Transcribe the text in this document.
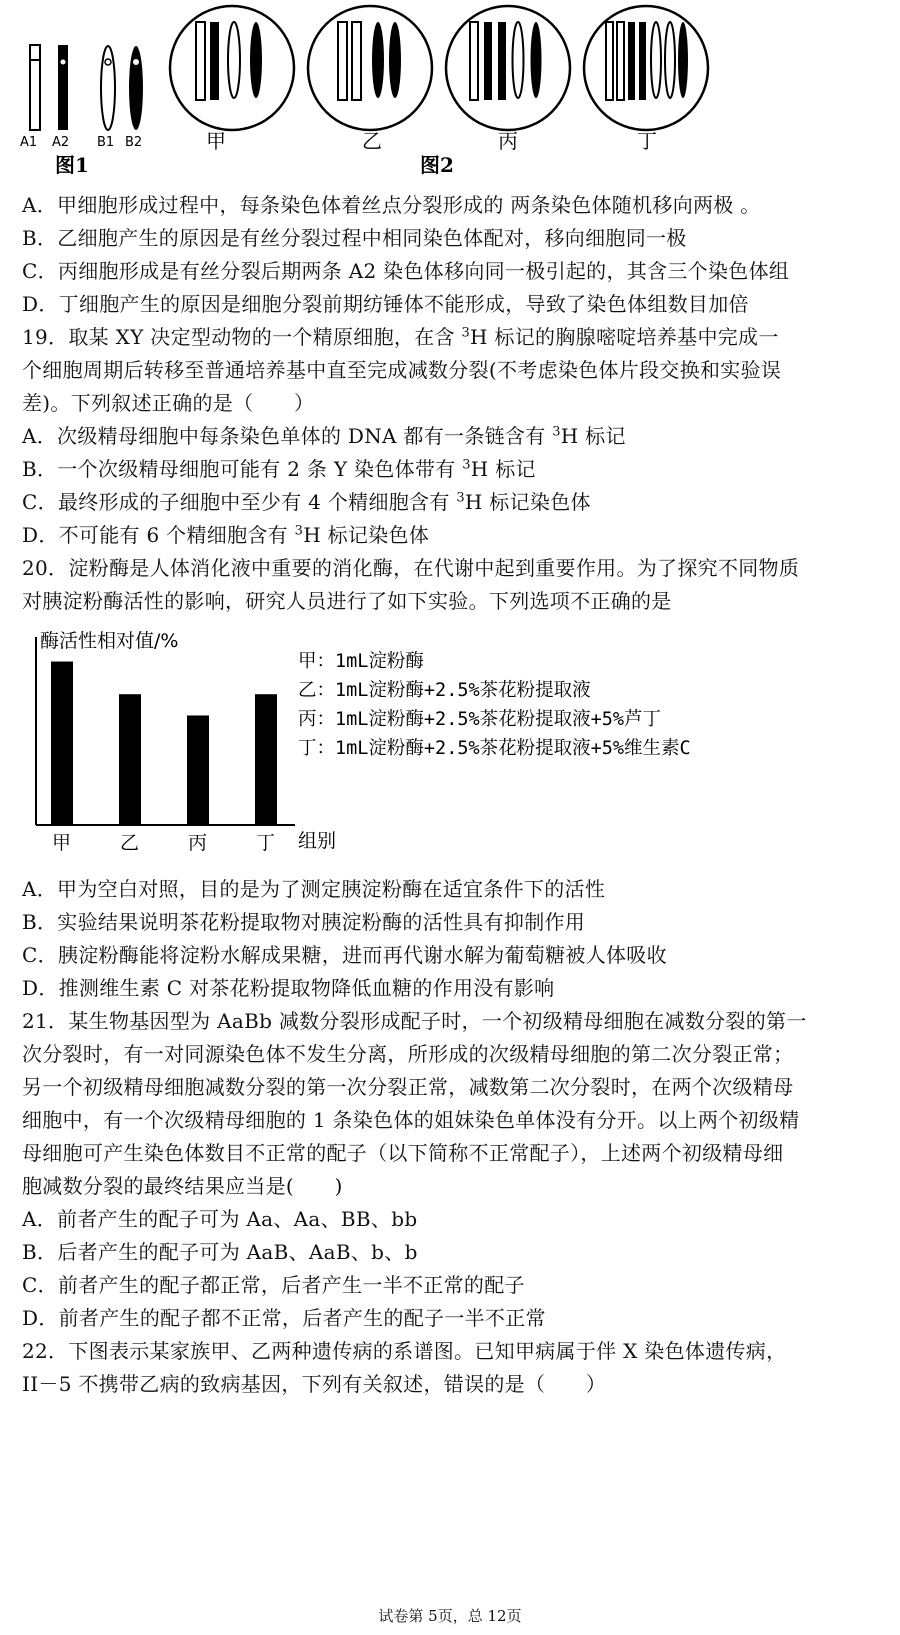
A1 A2 B1 B2
图1
甲	乙	丙	丁
图2
A．甲细胞形成过程中，每条染色体着丝点分裂形成的 两条染色体随机移向两极 。
B．乙细胞产生的原因是有丝分裂过程中相同染色体配对，移向细胞同一极
C．丙细胞形成是有丝分裂后期两条 A2 染色体移向同一极引起的，其含三个染色体组
D．丁细胞产生的原因是细胞分裂前期纺锤体不能形成，导致了染色体组数目加倍
19．取某 XY 决定型动物的一个精原细胞，在含 $^3$H 标记的胸腺嘧啶培养基中完成一
个细胞周期后转移至普通培养基中直至完成减数分裂(不考虑染色体片段交换和实验误
差)。下列叙述正确的是（　　）
A．次级精母细胞中每条染色单体的 DNA 都有一条链含有 $^3$H 标记
B．一个次级精母细胞可能有 2 条 Y 染色体带有 $^3$H 标记
C．最终形成的子细胞中至少有 4 个精细胞含有 $^3$H 标记染色体
D．不可能有 6 个精细胞含有 $^3$H 标记染色体
20．淀粉酶是人体消化液中重要的消化酶，在代谢中起到重要作用。为了探究不同物质
对胰淀粉酶活性的影响，研究人员进行了如下实验。下列选项不正确的是
酶活性相对值/%
组别
甲	乙	丙	丁
甲：1mL淀粉酶
乙：1mL淀粉酶+2.5%茶花粉提取液
丙：1mL淀粉酶+2.5%茶花粉提取液+5%芦丁
丁：1mL淀粉酶+2.5%茶花粉提取液+5%维生素C
A．甲为空白对照，目的是为了测定胰淀粉酶在适宜条件下的活性
B．实验结果说明茶花粉提取物对胰淀粉酶的活性具有抑制作用
C．胰淀粉酶能将淀粉水解成果糖，进而再代谢水解为葡萄糖被人体吸收
D．推测维生素 C 对茶花粉提取物降低血糖的作用没有影响
21．某生物基因型为 AaBb 减数分裂形成配子时，一个初级精母细胞在减数分裂的第一
次分裂时，有一对同源染色体不发生分离，所形成的次级精母细胞的第二次分裂正常；
另一个初级精母细胞减数分裂的第一次分裂正常，减数第二次分裂时，在两个次级精母
细胞中，有一个次级精母细胞的 1 条染色体的姐妹染色单体没有分开。以上两个初级精
母细胞可产生染色体数目不正常的配子（以下简称不正常配子），上述两个初级精母细
胞减数分裂的最终结果应当是(　　)
A．前者产生的配子可为 Aa、Aa、BB、bb
B．后者产生的配子可为 AaB、AaB、b、b
C．前者产生的配子都正常，后者产生一半不正常的配子
D．前者产生的配子都不正常，后者产生的配子一半不正常
22．下图表示某家族甲、乙两种遗传病的系谱图。已知甲病属于伴 X 染色体遗传病，
II－5 不携带乙病的致病基因，下列有关叙述，错误的是（　　）
试卷第 5页，总 12页
